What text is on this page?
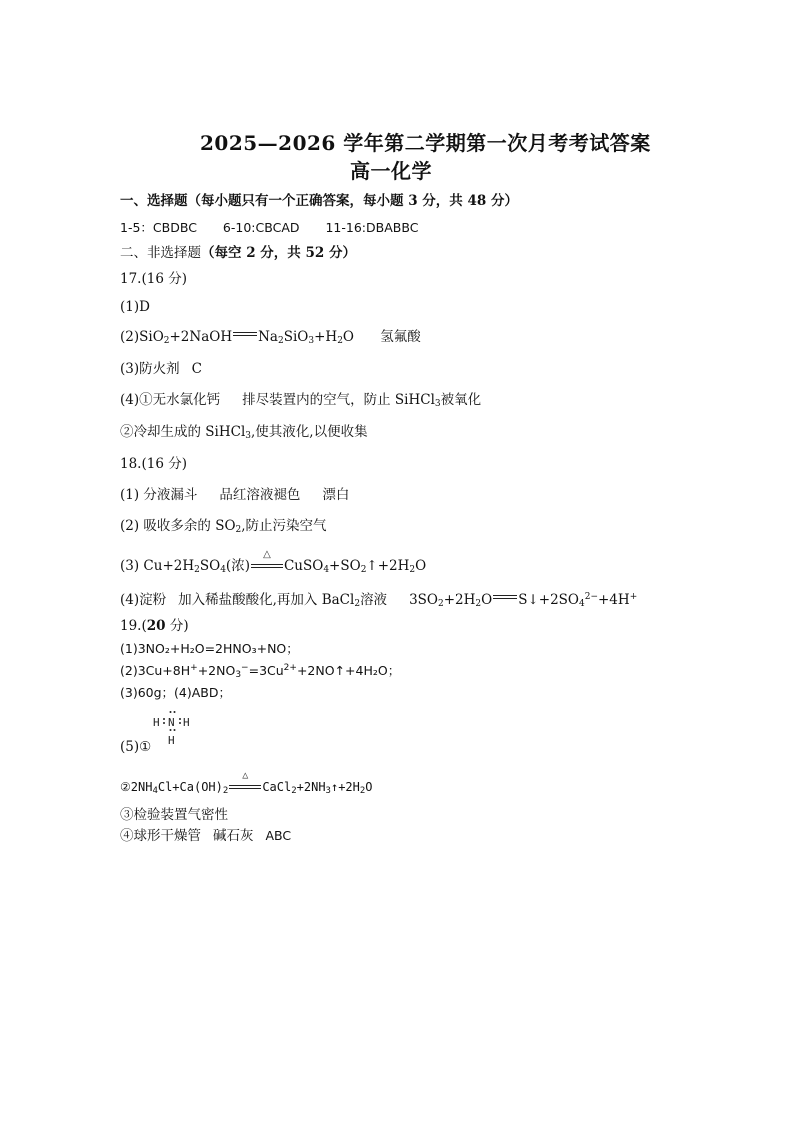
2025—2026 学年第二学期第一次月考考试答案
高一化学
一、选择题（每小题只有一个正确答案，每小题 3 分，共 48 分）
1-5：CBDBC 6-10:CBCAD 11-16:DBABBC
二、非选择题（每空 2 分，共 52 分）
17.(16 分)
(1)D
(2)SiO$_2$+2NaOH $Na_2SiO_3+H_2O$ 氢氟酸
(3)防火剂 C
(4)①无水氯化钙 排尽装置内的空气，防止 SiHCl$_3$被氧化
②冷却生成的 SiHCl$_3$,使其液化,以便收集
18.(16 分)
(1) 分液漏斗 品红溶液褪色 漂白
(2) 吸收多余的 $SO_2$,防止污染空气
(3) $Cu+2H_2SO_4$(浓)
△
$CuSO_4+SO_2↑+2H_2O$
(4)淀粉 加入稀盐酸酸化,再加入 BaCl$_2$溶液 $3SO_2+2H_2O$ $S↓+2SO_4^{2-}+4H^+$
19.(20 分)
(1)3NO₂+H₂O=2HNO₃+NO；
$(2)3Cu+8H^++2NO_3^-=3Cu^{2+}+2NO↑+4H_2O$；
(3)60g；(4)ABD；
H N H
H
(5)①
$②2NH_4Cl+Ca(OH)_2$
△
$CaCl_2+2NH_3↑+2H_2O$
③检验装置气密性
④球形干燥管 碱石灰 ABC
